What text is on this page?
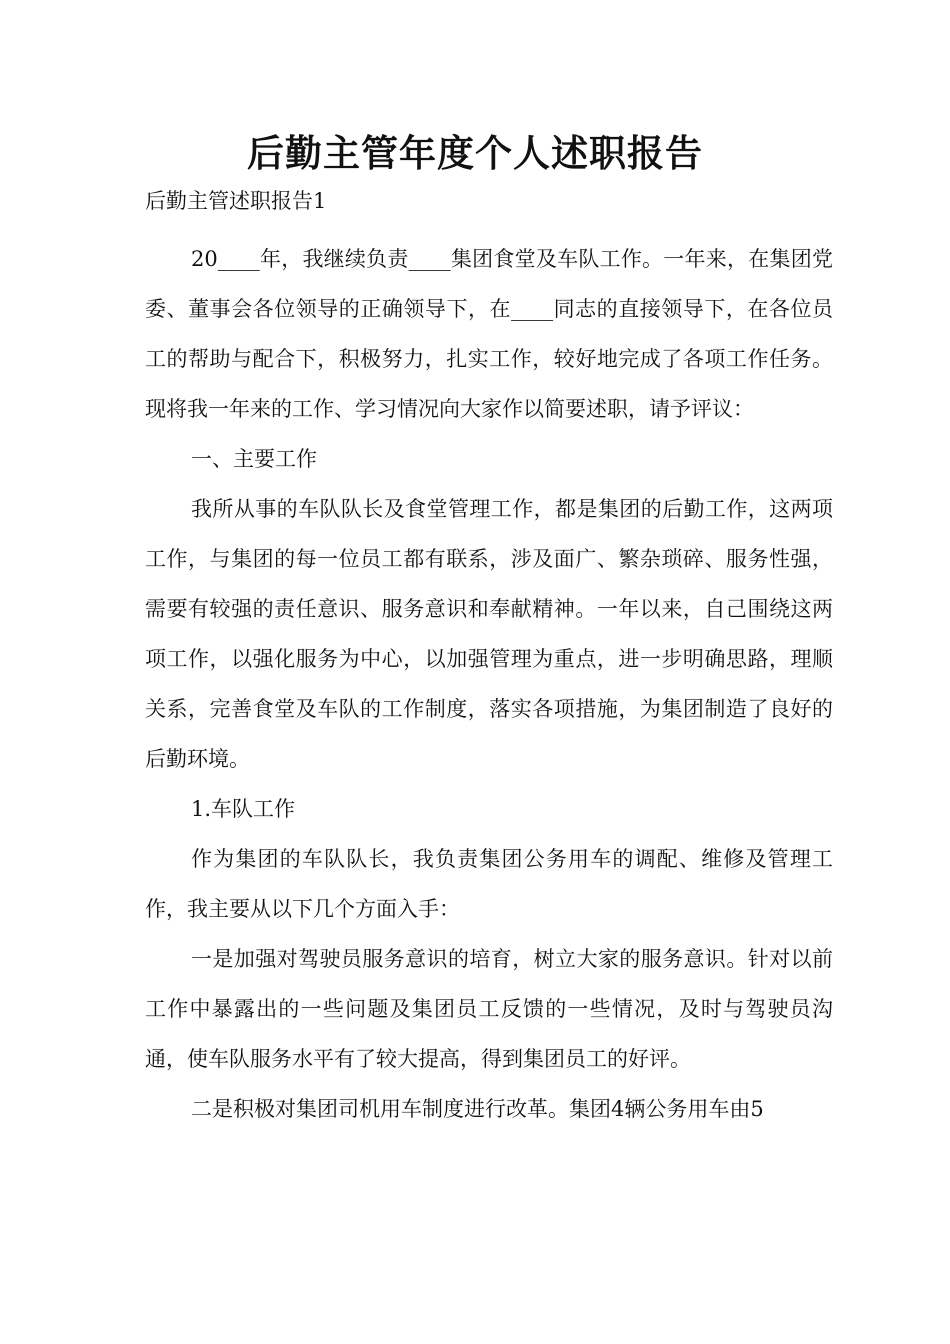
后勤主管年度个人述职报告
后勤主管述职报告1

20____年，我继续负责____集团食堂及车队工作。一年来，在集团党委、董事会各位领导的正确领导下，在____同志的直接领导下，在各位员工的帮助与配合下，积极努力，扎实工作，较好地完成了各项工作任务。现将我一年来的工作、学习情况向大家作以简要述职，请予评议：

一、主要工作

我所从事的车队队长及食堂管理工作，都是集团的后勤工作，这两项工作，与集团的每一位员工都有联系，涉及面广、繁杂琐碎、服务性强，需要有较强的责任意识、服务意识和奉献精神。一年以来，自己围绕这两项工作，以强化服务为中心，以加强管理为重点，进一步明确思路，理顺关系，完善食堂及车队的工作制度，落实各项措施，为集团制造了良好的后勤环境。

1.车队工作

作为集团的车队队长，我负责集团公务用车的调配、维修及管理工作，我主要从以下几个方面入手：

一是加强对驾驶员服务意识的培育，树立大家的服务意识。针对以前工作中暴露出的一些问题及集团员工反馈的一些情况，及时与驾驶员沟通，使车队服务水平有了较大提高，得到集团员工的好评。

二是积极对集团司机用车制度进行改革。集团4辆公务用车由5
